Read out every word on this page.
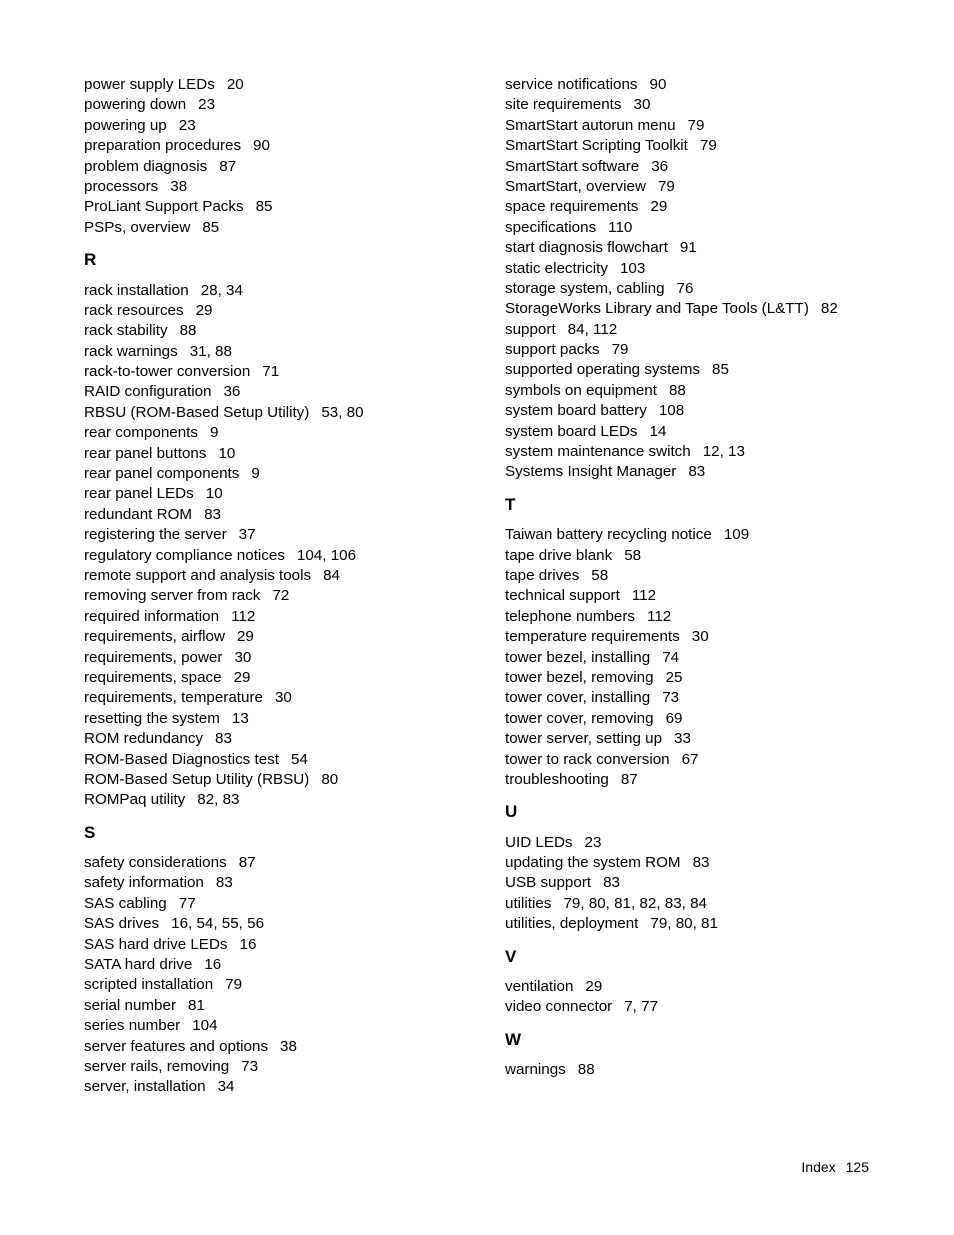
power supply LEDs 20
powering down 23
powering up 23
preparation procedures 90
problem diagnosis 87
processors 38
ProLiant Support Packs 85
PSPs, overview 85
R
rack installation 28, 34
rack resources 29
rack stability 88
rack warnings 31, 88
rack-to-tower conversion 71
RAID configuration 36
RBSU (ROM-Based Setup Utility) 53, 80
rear components 9
rear panel buttons 10
rear panel components 9
rear panel LEDs 10
redundant ROM 83
registering the server 37
regulatory compliance notices 104, 106
remote support and analysis tools 84
removing server from rack 72
required information 112
requirements, airflow 29
requirements, power 30
requirements, space 29
requirements, temperature 30
resetting the system 13
ROM redundancy 83
ROM-Based Diagnostics test 54
ROM-Based Setup Utility (RBSU) 80
ROMPaq utility 82, 83
S
safety considerations 87
safety information 83
SAS cabling 77
SAS drives 16, 54, 55, 56
SAS hard drive LEDs 16
SATA hard drive 16
scripted installation 79
serial number 81
series number 104
server features and options 38
server rails, removing 73
server, installation 34
service notifications 90
site requirements 30
SmartStart autorun menu 79
SmartStart Scripting Toolkit 79
SmartStart software 36
SmartStart, overview 79
space requirements 29
specifications 110
start diagnosis flowchart 91
static electricity 103
storage system, cabling 76
StorageWorks Library and Tape Tools (L&TT) 82
support 84, 112
support packs 79
supported operating systems 85
symbols on equipment 88
system board battery 108
system board LEDs 14
system maintenance switch 12, 13
Systems Insight Manager 83
T
Taiwan battery recycling notice 109
tape drive blank 58
tape drives 58
technical support 112
telephone numbers 112
temperature requirements 30
tower bezel, installing 74
tower bezel, removing 25
tower cover, installing 73
tower cover, removing 69
tower server, setting up 33
tower to rack conversion 67
troubleshooting 87
U
UID LEDs 23
updating the system ROM 83
USB support 83
utilities 79, 80, 81, 82, 83, 84
utilities, deployment 79, 80, 81
V
ventilation 29
video connector 7, 77
W
warnings 88
Index 125
